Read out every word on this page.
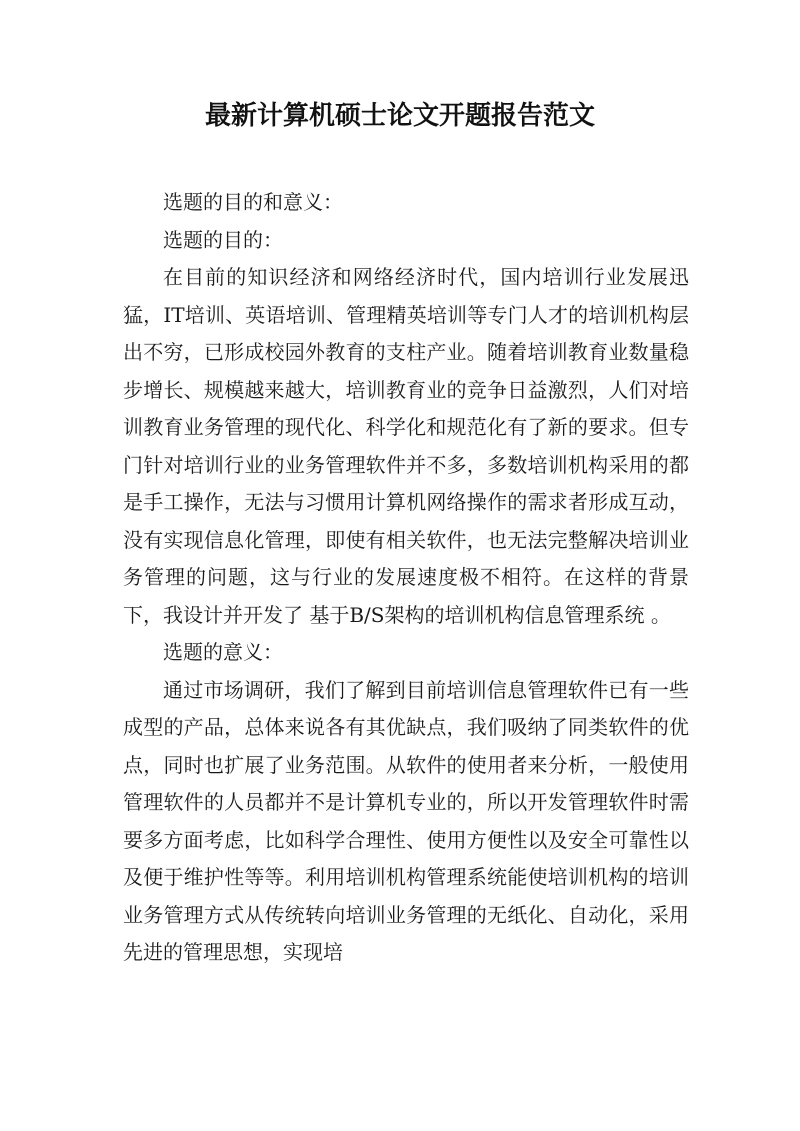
最新计算机硕士论文开题报告范文

选题的目的和意义：

选题的目的：

在目前的知识经济和网络经济时代，国内培训行业发展迅猛，IT培训、英语培训、管理精英培训等专门人才的培训机构层出不穷，已形成校园外教育的支柱产业。随着培训教育业数量稳步增长、规模越来越大，培训教育业的竞争日益激烈，人们对培训教育业务管理的现代化、科学化和规范化有了新的要求。但专门针对培训行业的业务管理软件并不多，多数培训机构采用的都是手工操作，无法与习惯用计算机网络操作的需求者形成互动，没有实现信息化管理，即使有相关软件，也无法完整解决培训业务管理的问题，这与行业的发展速度极不相符。在这样的背景下，我设计并开发了 基于B/S架构的培训机构信息管理系统 。

选题的意义：

通过市场调研，我们了解到目前培训信息管理软件已有一些成型的产品，总体来说各有其优缺点，我们吸纳了同类软件的优点，同时也扩展了业务范围。从软件的使用者来分析，一般使用管理软件的人员都并不是计算机专业的，所以开发管理软件时需要多方面考虑，比如科学合理性、使用方便性以及安全可靠性以及便于维护性等等。利用培训机构管理系统能使培训机构的培训业务管理方式从传统转向培训业务管理的无纸化、自动化，采用先进的管理思想，实现培
